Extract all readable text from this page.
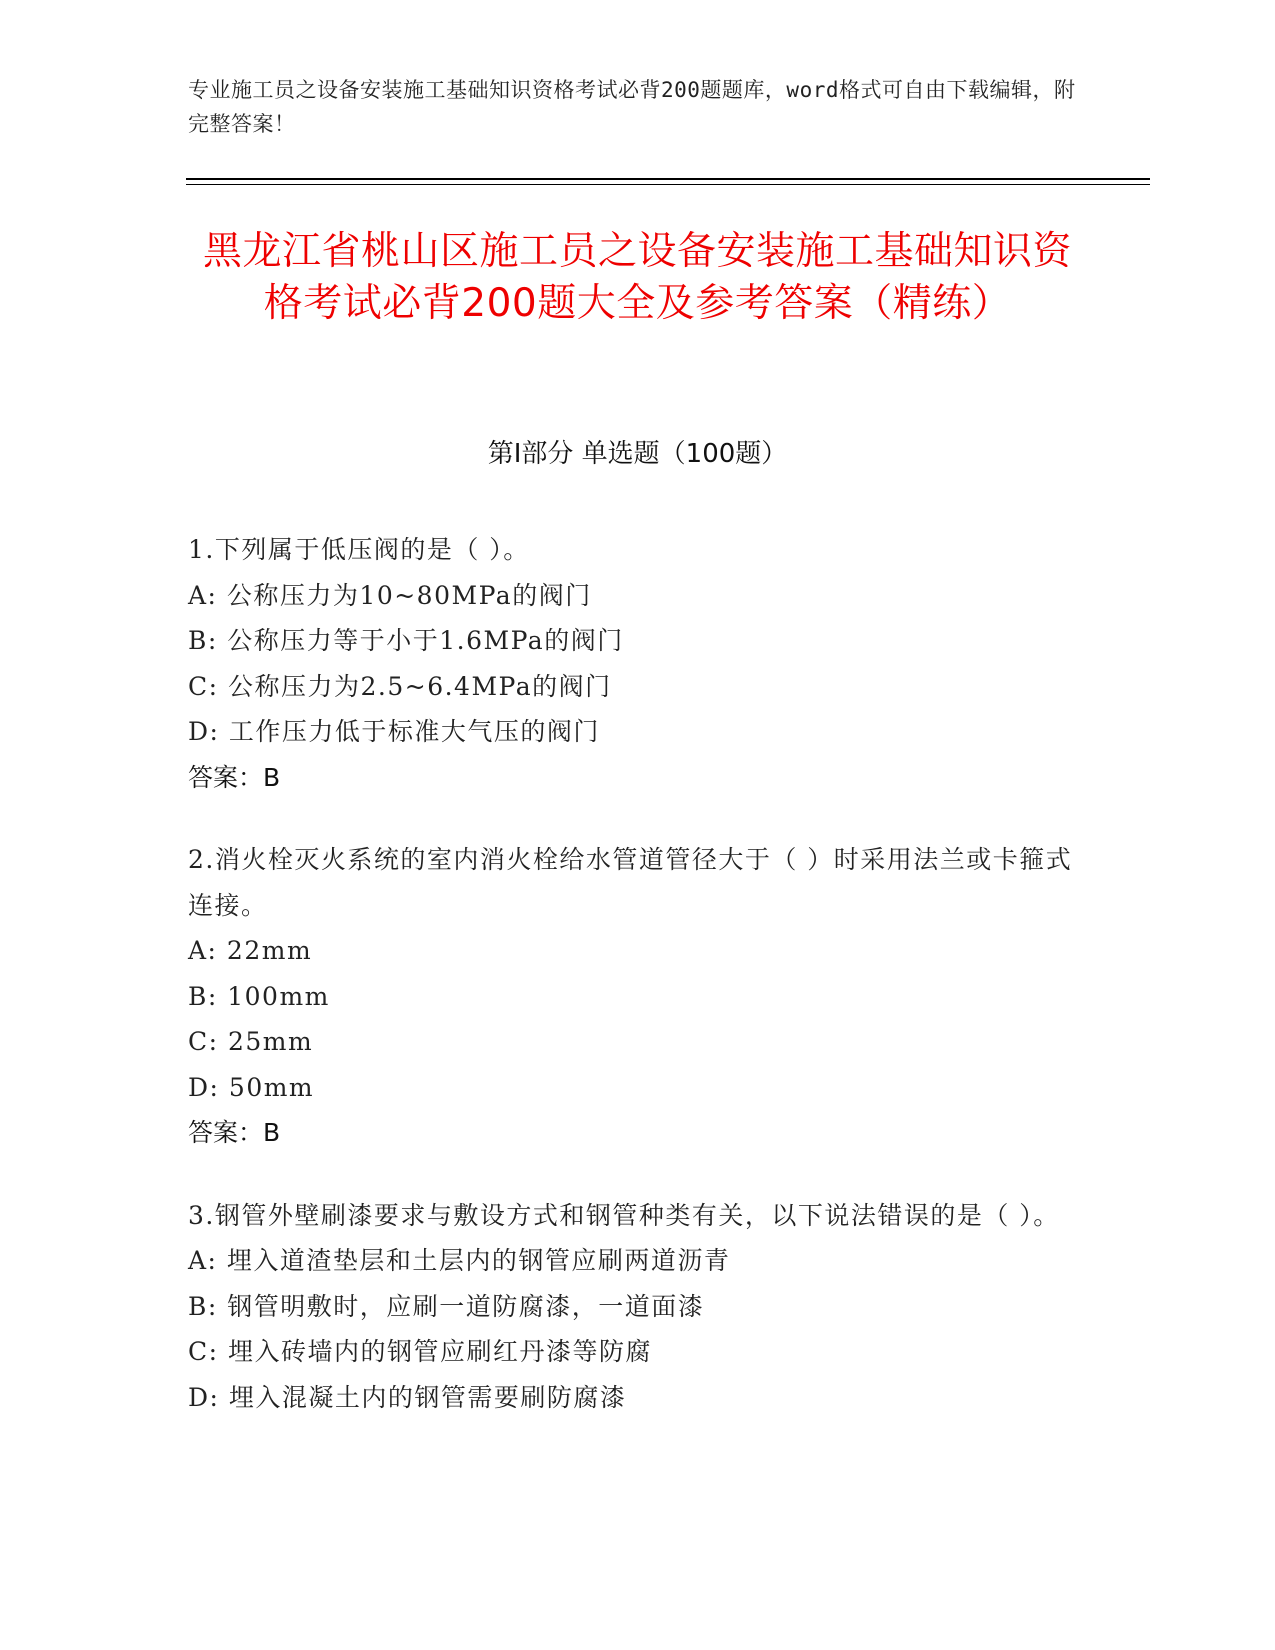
专业施工员之设备安装施工基础知识资格考试必背200题题库，word格式可自由下载编辑，附完整答案！
黑龙江省桃山区施工员之设备安装施工基础知识资格考试必背200题大全及参考答案（精练）
第I部分 单选题（100题）
1.下列属于低压阀的是（ ）。
A: 公称压力为10~80MPa的阀门
B: 公称压力等于小于1.6MPa的阀门
C: 公称压力为2.5~6.4MPa的阀门
D: 工作压力低于标准大气压的阀门
答案：B
2.消火栓灭火系统的室内消火栓给水管道管径大于（ ）时采用法兰或卡箍式连接。
A: 22mm
B: 100mm
C: 25mm
D: 50mm
答案：B
3.钢管外壁刷漆要求与敷设方式和钢管种类有关，以下说法错误的是（ ）。
A: 埋入道渣垫层和土层内的钢管应刷两道沥青
B: 钢管明敷时，应刷一道防腐漆，一道面漆
C: 埋入砖墙内的钢管应刷红丹漆等防腐
D: 埋入混凝土内的钢管需要刷防腐漆
